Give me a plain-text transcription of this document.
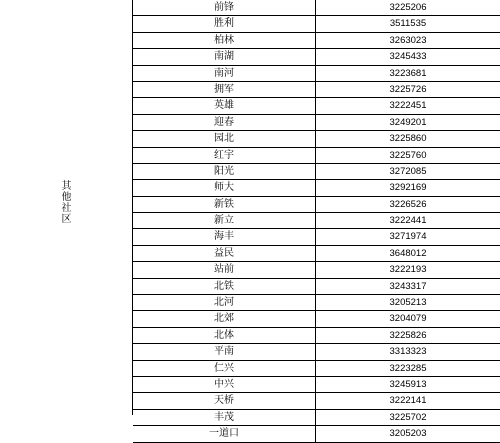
其他社区
前锋	3225206
胜利	3511535
柏林	3263023
南湖	3245433
南河	3223681
拥军	3225726
英雄	3222451
迎春	3249201
园北	3225860
红宇	3225760
阳光	3272085
师大	3292169
新铁	3226526
新立	3222441
海丰	3271974
益民	3648012
站前	3222193
北铁	3243317
北河	3205213
北郊	3204079
北体	3225826
平南	3313323
仁兴	3223285
中兴	3245913
天桥	3222141
丰茂	3225702
一道口	3205203
